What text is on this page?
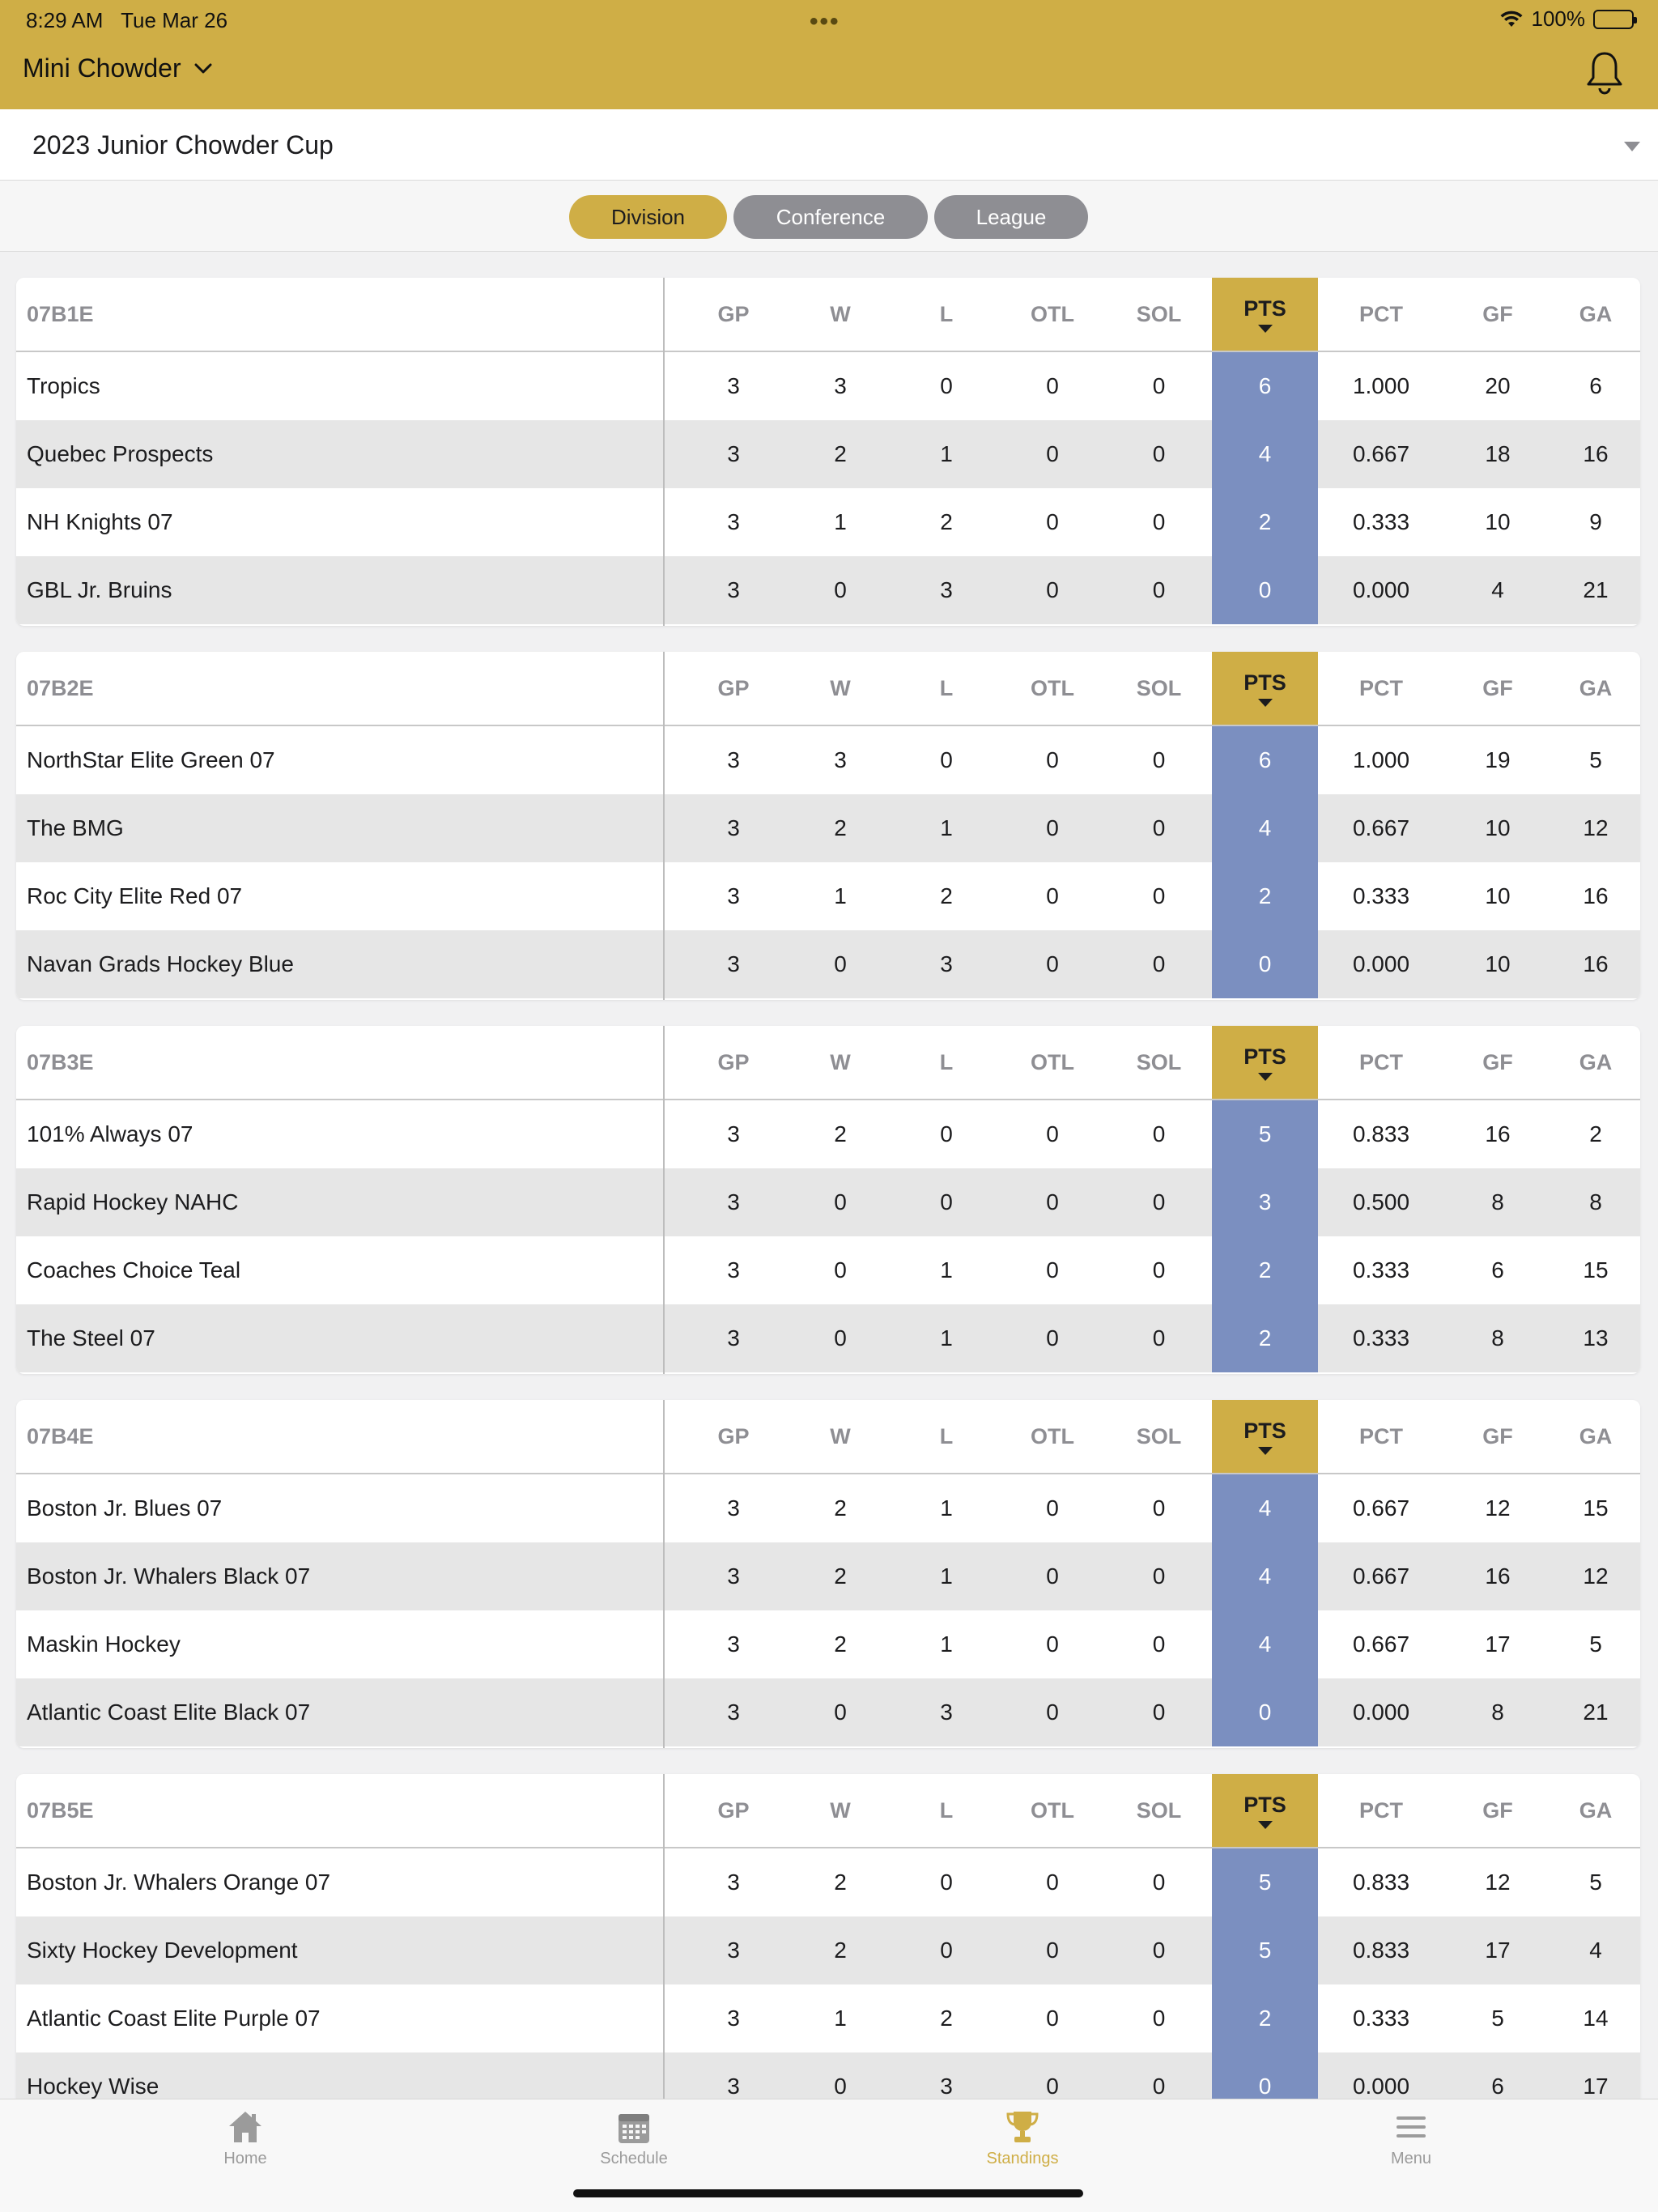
8:29 AM Tue Mar 26	•••	100%
Mini Chowder
2023 Junior Chowder Cup
Division	Conference	League
07B1E	GP	W	L	OTL	SOL	PTS	PCT	GF	GA
Tropics	3	3	0	0	0	6	1.000	20	6
Quebec Prospects	3	2	1	0	0	4	0.667	18	16
NH Knights 07	3	1	2	0	0	2	0.333	10	9
GBL Jr. Bruins	3	0	3	0	0	0	0.000	4	21
07B2E	GP	W	L	OTL	SOL	PTS	PCT	GF	GA
NorthStar Elite Green 07	3	3	0	0	0	6	1.000	19	5
The BMG	3	2	1	0	0	4	0.667	10	12
Roc City Elite Red 07	3	1	2	0	0	2	0.333	10	16
Navan Grads Hockey Blue	3	0	3	0	0	0	0.000	10	16
07B3E	GP	W	L	OTL	SOL	PTS	PCT	GF	GA
101% Always 07	3	2	0	0	0	5	0.833	16	2
Rapid Hockey NAHC	3	0	0	0	0	3	0.500	8	8
Coaches Choice Teal	3	0	1	0	0	2	0.333	6	15
The Steel 07	3	0	1	0	0	2	0.333	8	13
07B4E	GP	W	L	OTL	SOL	PTS	PCT	GF	GA
Boston Jr. Blues 07	3	2	1	0	0	4	0.667	12	15
Boston Jr. Whalers Black 07	3	2	1	0	0	4	0.667	16	12
Maskin Hockey	3	2	1	0	0	4	0.667	17	5
Atlantic Coast Elite Black 07	3	0	3	0	0	0	0.000	8	21
07B5E	GP	W	L	OTL	SOL	PTS	PCT	GF	GA
Boston Jr. Whalers Orange 07	3	2	0	0	0	5	0.833	12	5
Sixty Hockey Development	3	2	0	0	0	5	0.833	17	4
Atlantic Coast Elite Purple 07	3	1	2	0	0	2	0.333	5	14
Hockey Wise	3	0	3	0	0	0	0.000	6	17
Home	Schedule	Standings	Menu
